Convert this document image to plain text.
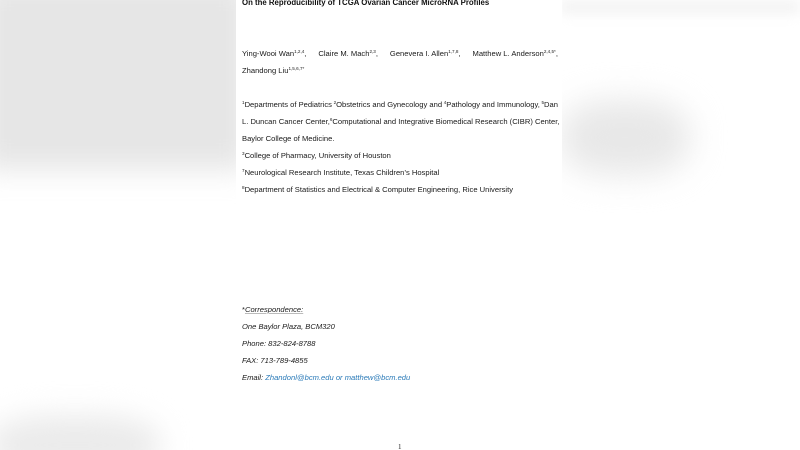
On the Reproducibility of TCGA Ovarian Cancer MicroRNA Profiles
Ying-Wooi Wan$^{1,2,4}$, Claire M. Mach$^{2,3}$, Genevera I. Allen$^{1,7,8}$, Matthew L. Anderson$^{2,4,5*}$,
Zhandong Liu$^{1,5,6,7*}$
$^1$Departments of Pediatrics $^2$Obstetrics and Gynecology and $^4$Pathology and Immunology, $^5$Dan
L. Duncan Cancer Center, $^6$Computational and Integrative Biomedical Research (CIBR) Center,
Baylor College of Medicine.
$^3$College of Pharmacy, University of Houston
$^7$Neurological Research Institute, Texas Children’s Hospital
$^8$Department of Statistics and Electrical & Computer Engineering, Rice University
*Correspondence:
One Baylor Plaza, BCM320
Phone: 832-824-8788
FAX: 713-789-4855
Email: Zhandonl@bcm.edu or matthew@bcm.edu
1
